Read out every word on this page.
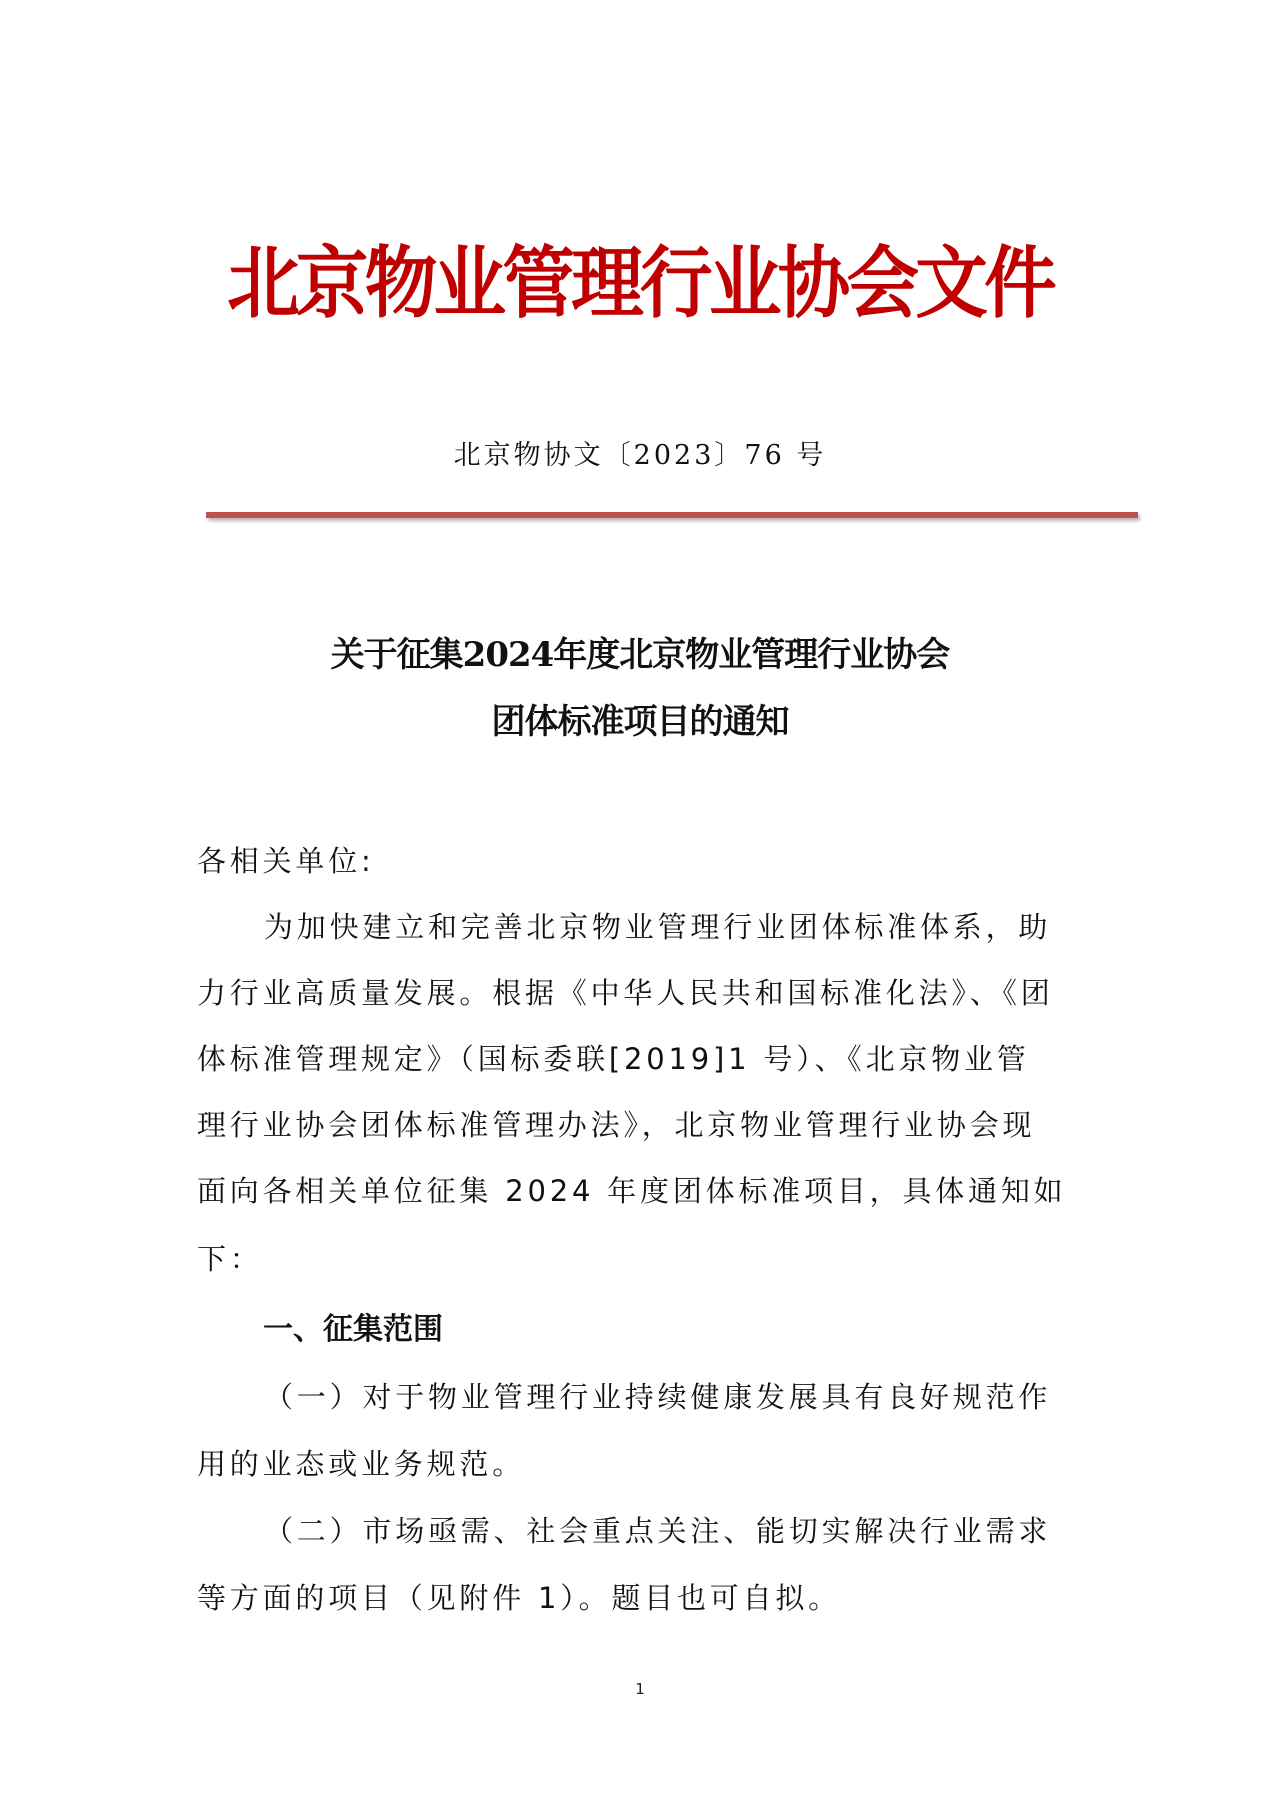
北京物业管理行业协会文件
北京物协文〔2023〕76 号
关于征集2024年度北京物业管理行业协会
团体标准项目的通知
各相关单位:
为加快建立和完善北京物业管理行业团体标准体系，助
力行业高质量发展。根据《中华人民共和国标准化法》、《团
体标准管理规定》（国标委联[2019]1 号）、《北京物业管
理行业协会团体标准管理办法》，北京物业管理行业协会现
面向各相关单位征集 2024 年度团体标准项目，具体通知如
下：
一、征集范围
（一）对于物业管理行业持续健康发展具有良好规范作
用的业态或业务规范。
（二）市场亟需、社会重点关注、能切实解决行业需求
等方面的项目（见附件 1）。题目也可自拟。
1
